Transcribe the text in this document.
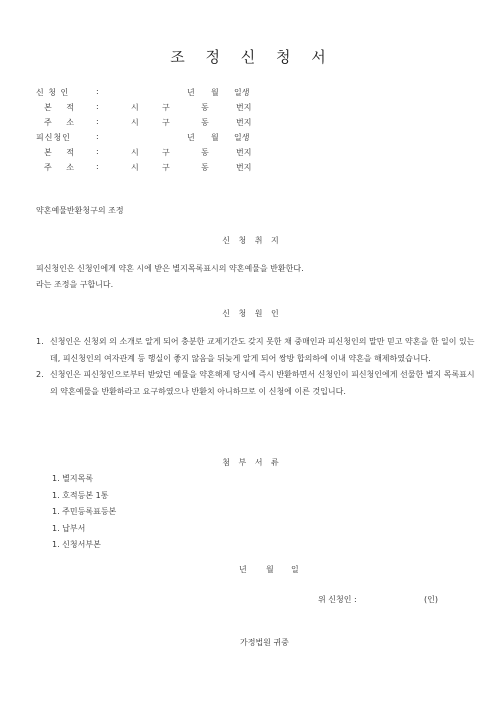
조 정 신 청 서
신 청 인	:	년 월 일생
본 적 :	시	구	동	번지
주 소 :	시	구	동	번지
피신청인	:	년 월 일생
본 적 :	시	구	동	번지
주 소 :	시	구	동	번지
약혼예물반환청구의 조정
신 청 취 지
피신청인은 신청인에게 약혼 시에 받은 별지목록표시의 약혼예물을 반환한다.
라는 조정을 구합니다.
신 청 원 인
1. 신청인은 신청외 의 소개로 알게 되어 충분한 교제기간도 갖지 못한 채 중매인과 피신청인의 말만 믿고 약혼을 한 일이 있는데, 피신청인의 여자관계 등 행실이 좋지 않음을 뒤늦게 알게 되어 쌍방 합의하에 이내 약혼을 해제하였습니다.
2. 신청인은 피신청인으로부터 받았던 예물을 약혼해제 당시에 즉시 반환하면서 신청인이 피신청인에게 선물한 별지 목록표시의 약혼예물을 반환하라고 요구하였으나 반환치 아니하므로 이 신청에 이른 것입니다.
첨 부 서 류
1. 별지목록
1. 호적등본 1통
1. 주민등록표등본
1. 납부서
1. 신청서부본
년 월 일
위 신청인 :	(인)
가정법원 귀중
